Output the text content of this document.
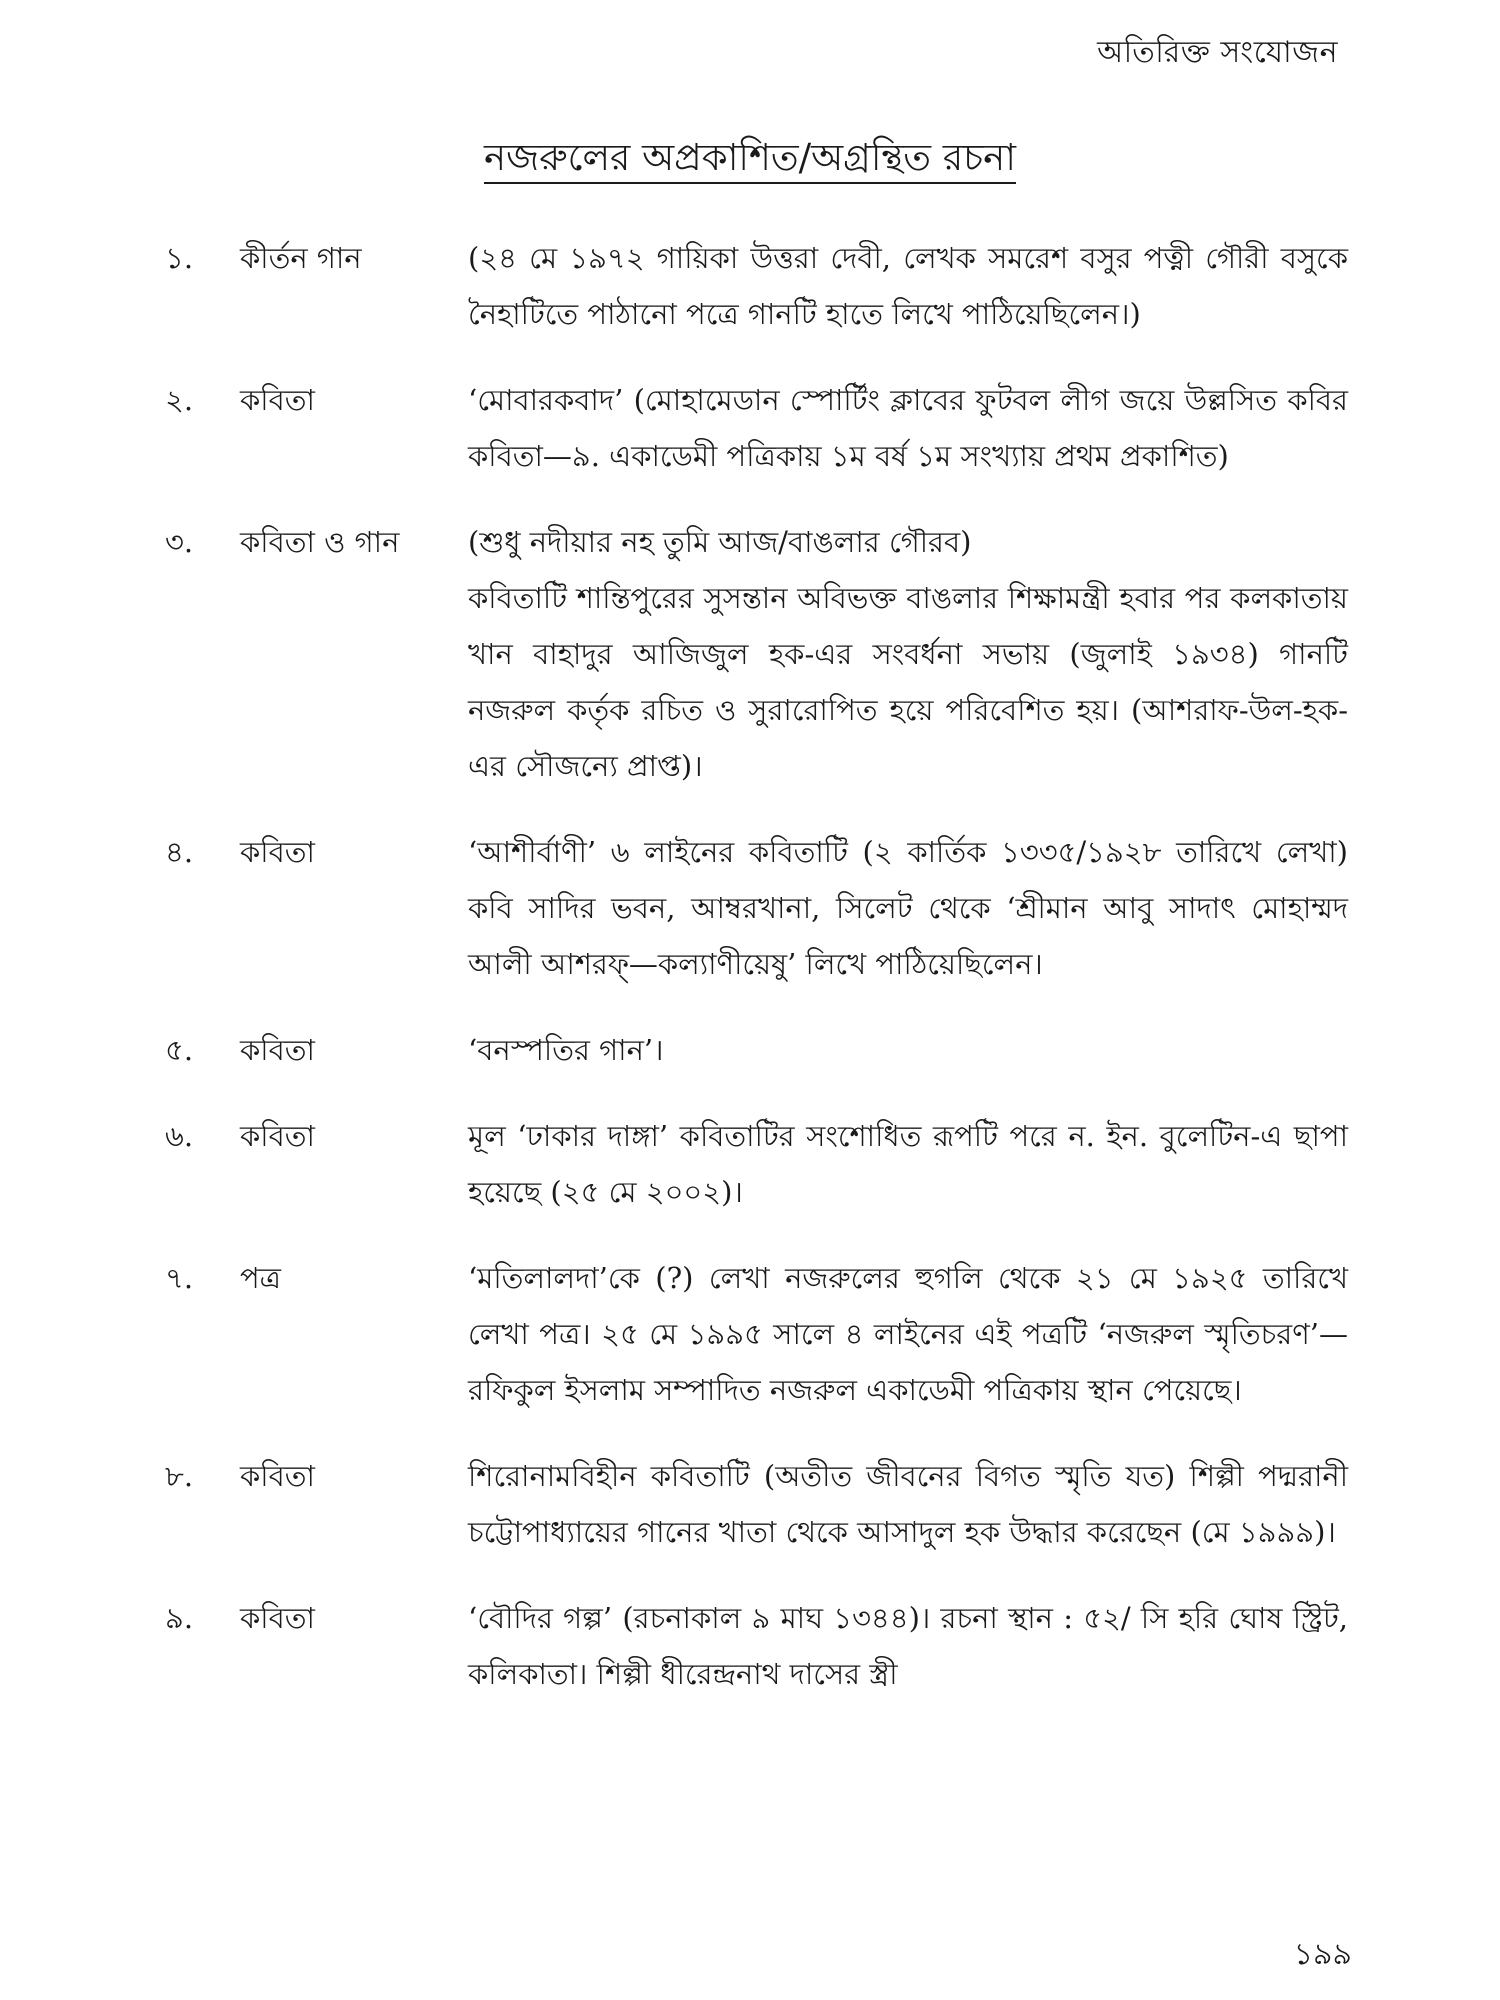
অতিরিক্ত সংযোজন
নজরুলের অপ্রকাশিত/অগ্রন্থিত রচনা
১. কীর্তন গান	(২৪ মে ১৯৭২ গায়িকা উত্তরা দেবী, লেখক সমরেশ বসুর পত্নী গৌরী বসুকে নৈহাটিতে পাঠানো পত্রে গানটি হাতে লিখে পাঠিয়েছিলেন।)

২. কবিতা	‘মোবারকবাদ’ (মোহামেডান স্পোর্টিং ক্লাবের ফুটবল লীগ জয়ে উল্লসিত কবির কবিতা—৯. একাডেমী পত্রিকায় ১ম বর্ষ ১ম সংখ্যায় প্রথম প্রকাশিত)

৩. কবিতা ও গান	(শুধু নদীয়ার নহ তুমি আজ/বাঙলার গৌরব)

কবিতাটি শান্তিপুরের সুসন্তান অবিভক্ত বাঙলার শিক্ষামন্ত্রী হবার পর কলকাতায় খান বাহাদুর আজিজুল হক-এর সংবর্ধনা সভায় (জুলাই ১৯৩৪) গানটি নজরুল কর্তৃক রচিত ও সুরারোপিত হয়ে পরিবেশিত হয়। (আশরাফ-উল-হক-এর সৌজন্যে প্রাপ্ত)।

৪. কবিতা	‘আশীর্বাণী’ ৬ লাইনের কবিতাটি (২ কার্তিক ১৩৩৫/১৯২৮ তারিখে লেখা) কবি সাদির ভবন, আম্বরখানা, সিলেট থেকে ‘শ্রীমান আবু সাদাৎ মোহাম্মদ আলী আশরফ্—কল্যাণীয়েষু’ লিখে পাঠিয়েছিলেন।

৫. কবিতা	‘বনস্পতির গান’।

৬. কবিতা	মূল ‘ঢাকার দাঙ্গা’ কবিতাটির সংশোধিত রূপটি পরে ন. ইন. বুলেটিন-এ ছাপা হয়েছে (২৫ মে ২০০২)।

৭. পত্র	‘মতিলালদা’কে (?) লেখা নজরুলের হুগলি থেকে ২১ মে ১৯২৫ তারিখে লেখা পত্র। ২৫ মে ১৯৯৫ সালে ৪ লাইনের এই পত্রটি ‘নজরুল স্মৃতিচরণ’—রফিকুল ইসলাম সম্পাদিত নজরুল একাডেমী পত্রিকায় স্থান পেয়েছে।

৮. কবিতা	শিরোনামবিহীন কবিতাটি (অতীত জীবনের বিগত স্মৃতি যত) শিল্পী পদ্মরানী চট্টোপাধ্যায়ের গানের খাতা থেকে আসাদুল হক উদ্ধার করেছেন (মে ১৯৯৯)।

৯. কবিতা	‘বৌদির গল্প’ (রচনাকাল ৯ মাঘ ১৩৪৪)। রচনা স্থান : ৫২/ সি হরি ঘোষ স্ট্রিট, কলিকাতা। শিল্পী ধীরেন্দ্রনাথ দাসের স্ত্রী

১৯৯
